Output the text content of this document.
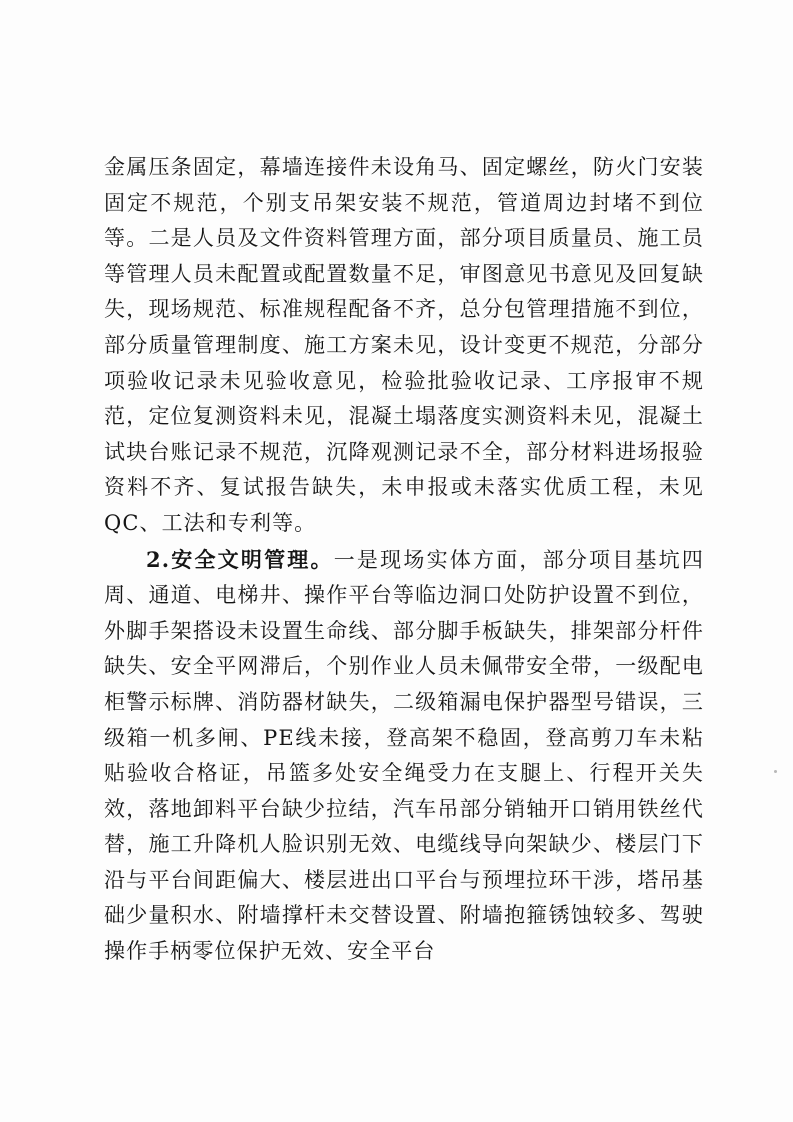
金属压条固定，幕墙连接件未设角马、固定螺丝，防火门安装固定不规范，个别支吊架安装不规范，管道周边封堵不到位等。二是人员及文件资料管理方面，部分项目质量员、施工员等管理人员未配置或配置数量不足，审图意见书意见及回复缺失，现场规范、标准规程配备不齐，总分包管理措施不到位，部分质量管理制度、施工方案未见，设计变更不规范，分部分项验收记录未见验收意见，检验批验收记录、工序报审不规范，定位复测资料未见，混凝土塌落度实测资料未见，混凝土试块台账记录不规范，沉降观测记录不全，部分材料进场报验资料不齐、复试报告缺失，未申报或未落实优质工程，未见QC、工法和专利等。

2.安全文明管理。一是现场实体方面，部分项目基坑四周、通道、电梯井、操作平台等临边洞口处防护设置不到位，外脚手架搭设未设置生命线、部分脚手板缺失，排架部分杆件缺失、安全平网滞后，个别作业人员未佩带安全带，一级配电柜警示标牌、消防器材缺失，二级箱漏电保护器型号错误，三级箱一机多闸、PE线未接，登高架不稳固，登高剪刀车未粘贴验收合格证，吊篮多处安全绳受力在支腿上、行程开关失效，落地卸料平台缺少拉结，汽车吊部分销轴开口销用铁丝代替，施工升降机人脸识别无效、电缆线导向架缺少、楼层门下沿与平台间距偏大、楼层进出口平台与预埋拉环干涉，塔吊基础少量积水、附墙撑杆未交替设置、附墙抱箍锈蚀较多、驾驶操作手柄零位保护无效、安全平台
